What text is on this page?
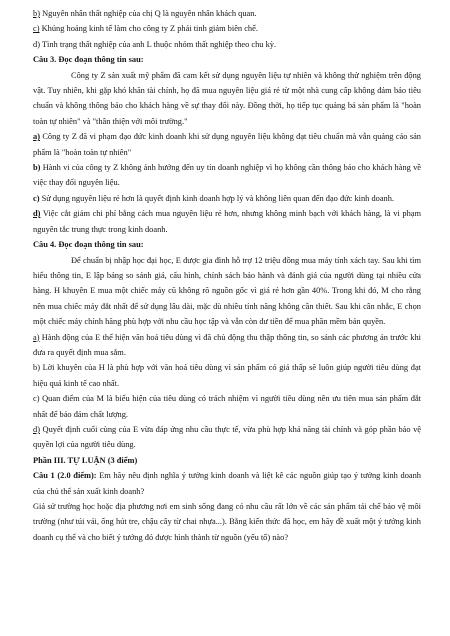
b) Nguyên nhân thất nghiệp của chị Q là nguyên nhân khách quan.

c) Khủng hoảng kinh tế làm cho công ty Z phải tinh giảm biên chế.

d) Tình trạng thất nghiệp của anh L thuộc nhóm thất nghiệp theo chu kỳ.

Câu 3. Đọc đoạn thông tin sau:

Công ty Z sản xuất mỹ phẩm đã cam kết sử dụng nguyên liệu tự nhiên và không thử nghiệm trên động vật. Tuy nhiên, khi gặp khó khăn tài chính, họ đã mua nguyên liệu giá rẻ từ một nhà cung cấp không đảm bảo tiêu chuẩn và không thông báo cho khách hàng về sự thay đổi này. Đồng thời, họ tiếp tục quảng bá sản phẩm là "hoàn toàn tự nhiên" và "thân thiện với môi trường."

a) Công ty Z đã vi phạm đạo đức kinh doanh khi sử dụng nguyên liệu không đạt tiêu chuẩn mà vẫn quảng cáo sản phẩm là "hoàn toàn tự nhiên"

b) Hành vi của công ty Z không ảnh hưởng đến uy tín doanh nghiệp vì họ không cần thông báo cho khách hàng về việc thay đổi nguyên liệu.

c) Sử dụng nguyên liệu rẻ hơn là quyết định kinh doanh hợp lý và không liên quan đến đạo đức kinh doanh.

d) Việc cắt giảm chi phí bằng cách mua nguyên liệu rẻ hơn, nhưng không minh bạch với khách hàng, là vi phạm nguyên tắc trung thực trong kinh doanh.

Câu 4. Đọc đoạn thông tin sau:

Để chuẩn bị nhập học đại học, E được gia đình hỗ trợ 12 triệu đồng mua máy tính xách tay. Sau khi tìm hiểu thông tin, E lập bảng so sánh giá, cấu hình, chính sách bảo hành và đánh giá của người dùng tại nhiều cửa hàng. H khuyên E mua một chiếc máy cũ không rõ nguồn gốc vì giá rẻ hơn gần 40%. Trong khi đó, M cho rằng nên mua chiếc máy đắt nhất để sử dụng lâu dài, mặc dù nhiều tính năng không cần thiết. Sau khi cân nhắc, E chọn một chiếc máy chính hãng phù hợp với nhu cầu học tập và vẫn còn dư tiền để mua phần mềm bản quyền.

a) Hành động của E thể hiện văn hoá tiêu dùng vì đã chủ động thu thập thông tin, so sánh các phương án trước khi đưa ra quyết định mua sắm.

b) Lời khuyên của H là phù hợp với văn hoá tiêu dùng vì sản phẩm có giá thấp sẽ luôn giúp người tiêu dùng đạt hiệu quả kinh tế cao nhất.

c) Quan điểm của M là biểu hiện của tiêu dùng có trách nhiệm vì người tiêu dùng nên ưu tiên mua sản phẩm đắt nhất để bảo đảm chất lượng.

d) Quyết định cuối cùng của E vừa đáp ứng nhu cầu thực tế, vừa phù hợp khả năng tài chính và góp phần bảo vệ quyền lợi của người tiêu dùng.

Phần III. TỰ LUẬN (3 điểm)

Câu 1 (2.0 điểm): Em hãy nêu định nghĩa ý tưởng kinh doanh và liệt kê các nguồn giúp tạo ý tưởng kinh doanh của chủ thể sản xuất kinh doanh?

Giả sử trường học hoặc địa phương nơi em sinh sống đang có nhu cầu rất lớn về các sản phẩm tái chế bảo vệ môi trường (như túi vải, ống hút tre, chậu cây từ chai nhựa...). Bằng kiến thức đã học, em hãy đề xuất một ý tưởng kinh doanh cụ thể và cho biết ý tưởng đó được hình thành từ nguồn (yếu tố) nào?
